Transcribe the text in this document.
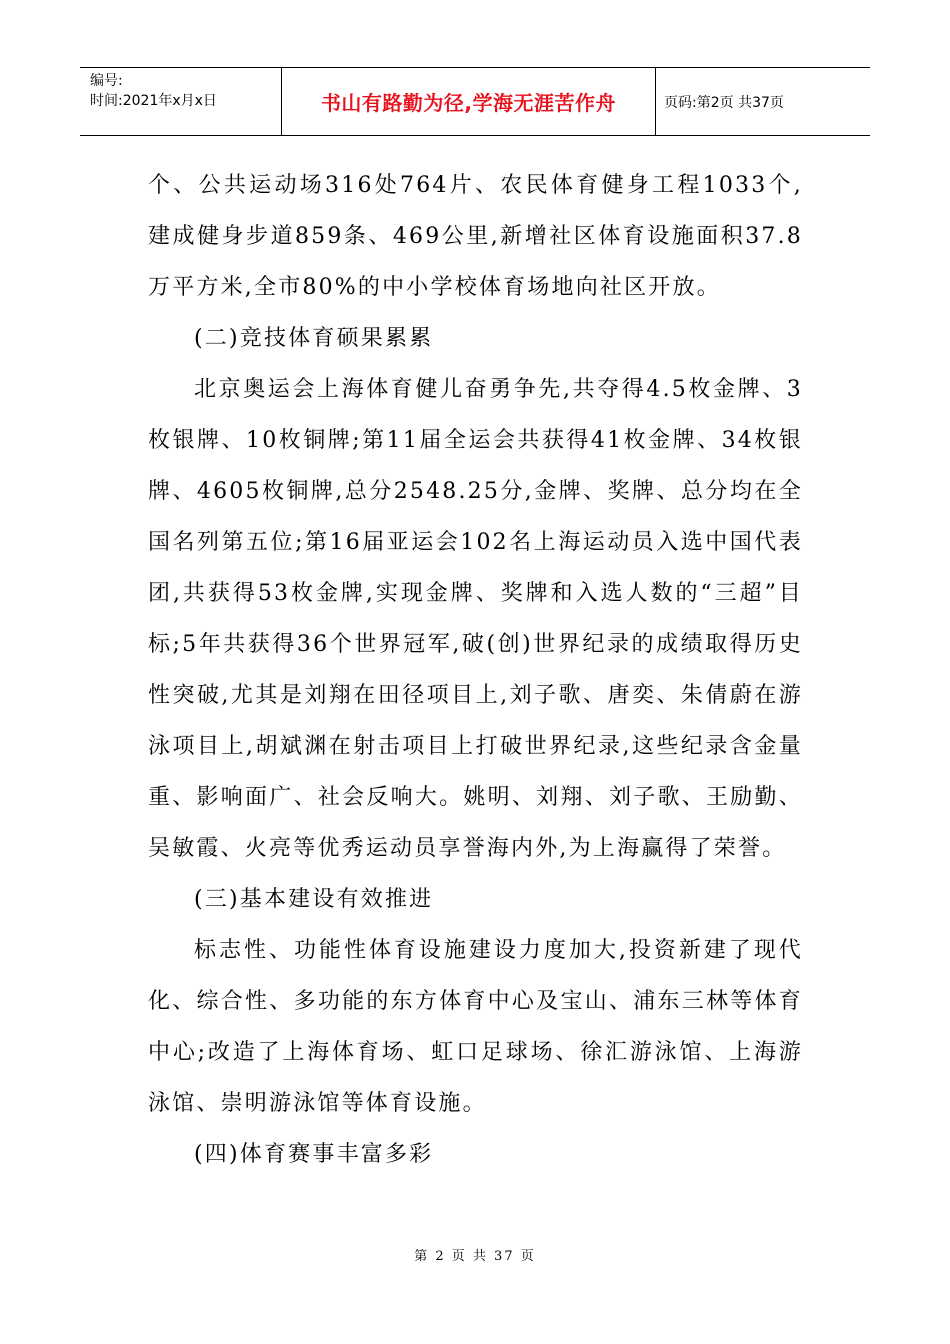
编号:
时间:2021年x月x日	书山有路勤为径,学海无涯苦作舟	页码:第2页 共37页

个、公共运动场316处764片、农民体育健身工程1033个,建成健身步道859条、469公里,新增社区体育设施面积37.8万平方米,全市80%的中小学校体育场地向社区开放。

(二)竞技体育硕果累累

北京奥运会上海体育健儿奋勇争先,共夺得4.5枚金牌、3枚银牌、10枚铜牌;第11届全运会共获得41枚金牌、34枚银牌、4605枚铜牌,总分2548.25分,金牌、奖牌、总分均在全国名列第五位;第16届亚运会102名上海运动员入选中国代表团,共获得53枚金牌,实现金牌、奖牌和入选人数的“三超”目标;5年共获得36个世界冠军,破(创)世界纪录的成绩取得历史性突破,尤其是刘翔在田径项目上,刘子歌、唐奕、朱倩蔚在游泳项目上,胡斌渊在射击项目上打破世界纪录,这些纪录含金量重、影响面广、社会反响大。姚明、刘翔、刘子歌、王励勤、吴敏霞、火亮等优秀运动员享誉海内外,为上海赢得了荣誉。

(三)基本建设有效推进

标志性、功能性体育设施建设力度加大,投资新建了现代化、综合性、多功能的东方体育中心及宝山、浦东三林等体育中心;改造了上海体育场、虹口足球场、徐汇游泳馆、上海游泳馆、崇明游泳馆等体育设施。

(四)体育赛事丰富多彩

第 2 页 共 37 页
